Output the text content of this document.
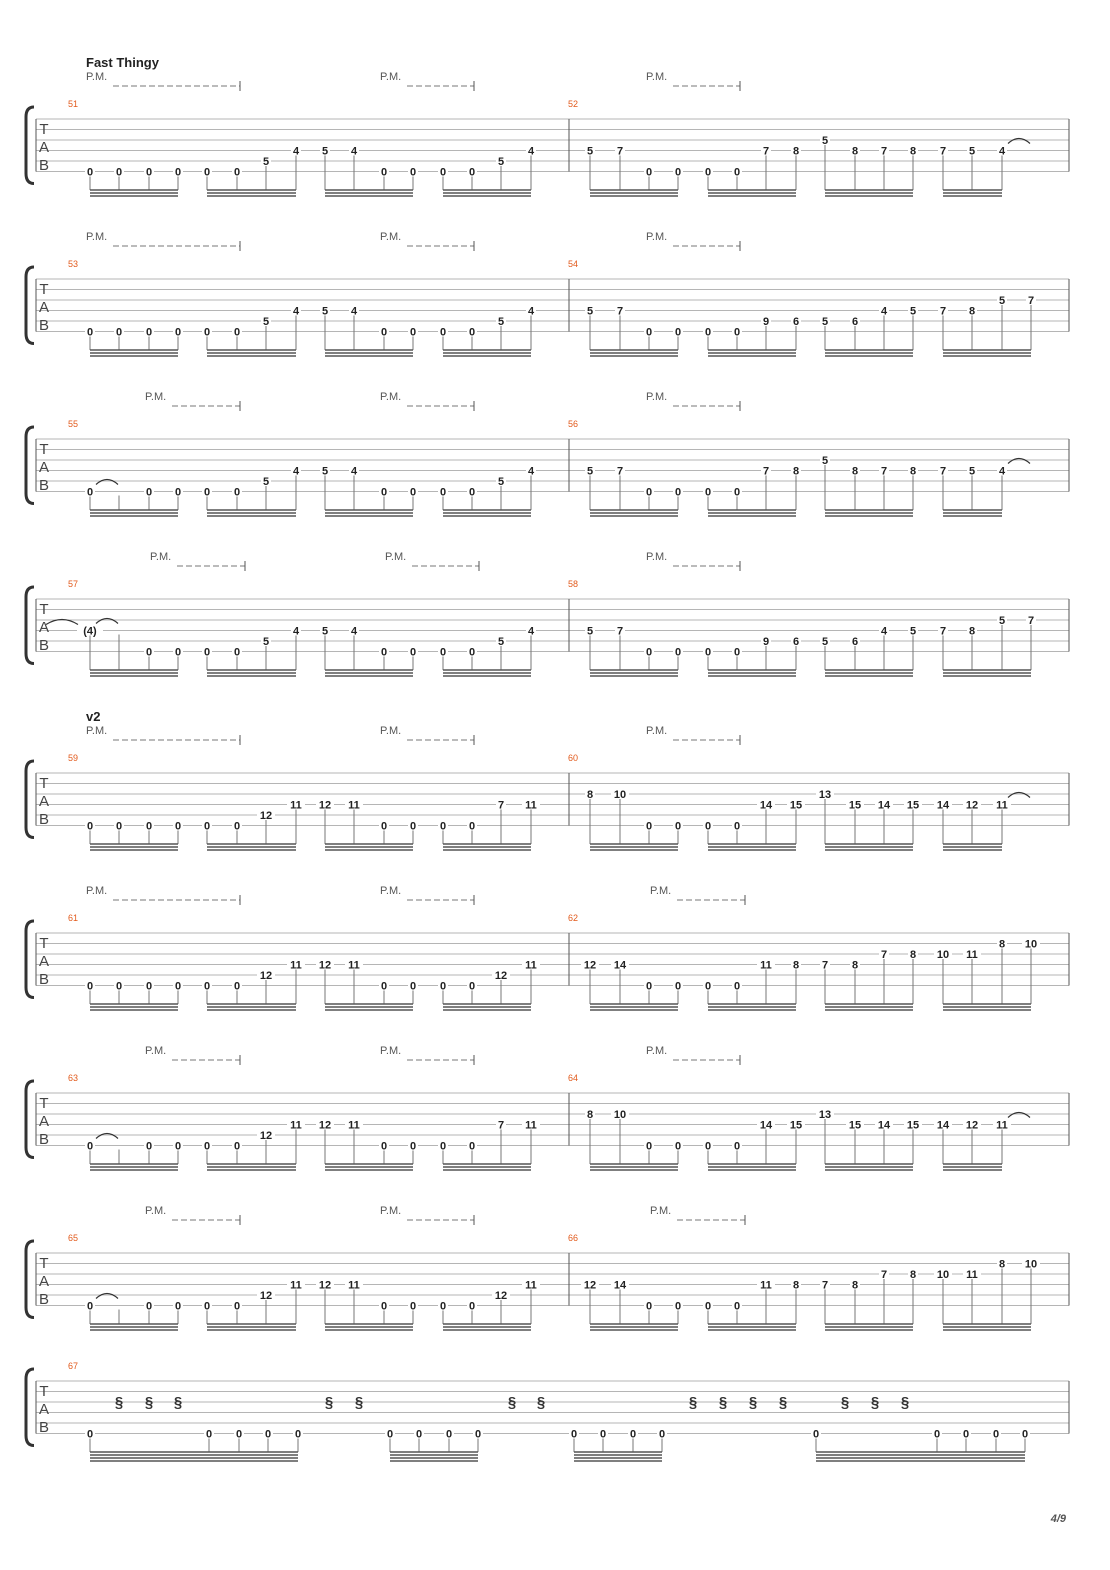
4/9
T
A
B
51	52
Fast Thingy
P.M.	P.M.	P.M.
0 0 0 0 0 0
5
4 5 4
0 0 0 0
5
4	5 7
0 0 0 0
7 8
5
8 7 8 7 5 4
T
A
B
53	54
P.M.	P.M.	P.M.
0 0 0 0 0 0
5
4 5 4
0 0 0 0
5
4	5 7
0 0 0 0
9 6 5 6
4 5 7 8
5 7
T
A
B
55	56
P.M.	P.M.	P.M.
0	0 0 0 0
5
4 5 4
0 0 0 0
5
4	5 7
0 0 0 0
7 8
5
8 7 8 7 5 4
T
A
B
57	58
P.M.	P.M.	P.M.
(4)
0 0 0 0
5
4 5 4
0 0 0 0
5
4	5 7
0 0 0 0
9 6 5 6
4 5 7 8
5 7
T
A
B
59	60
v2
P.M.	P.M.	P.M.
0 0 0 0 0 0
12
11 12 11
0 0 0 0
7 11
8 10
0 0 0 0
14 15
13
15 14 15 14 12 11
T
A
B
61	62
P.M.	P.M.	P.M.
0 0 0 0 0 0
12
11 12 11
0 0 0 0
12
11	12 14
0 0 0 0
11 8 7 8
7 8 10 11
8 10
T
A
B
63	64
P.M.	P.M.	P.M.
0	0 0 0 0
12
11 12 11
0 0 0 0
7 11
8 10
0 0 0 0
14 15
13
15 14 15 14 12 11
T
A
B
65	66
P.M.	P.M.	P.M.
0	0 0 0 0
12
11 12 11
0 0 0 0
12
11	12 14
0 0 0 0
11 8 7 8
7 8 10 11
8 10
T
A
B
67
0	0 0 0 0	0 0 0 0	0 0 0 0	0	0 0 0 0
§ § §	§ §	§ §	§ § § §	§ § §
